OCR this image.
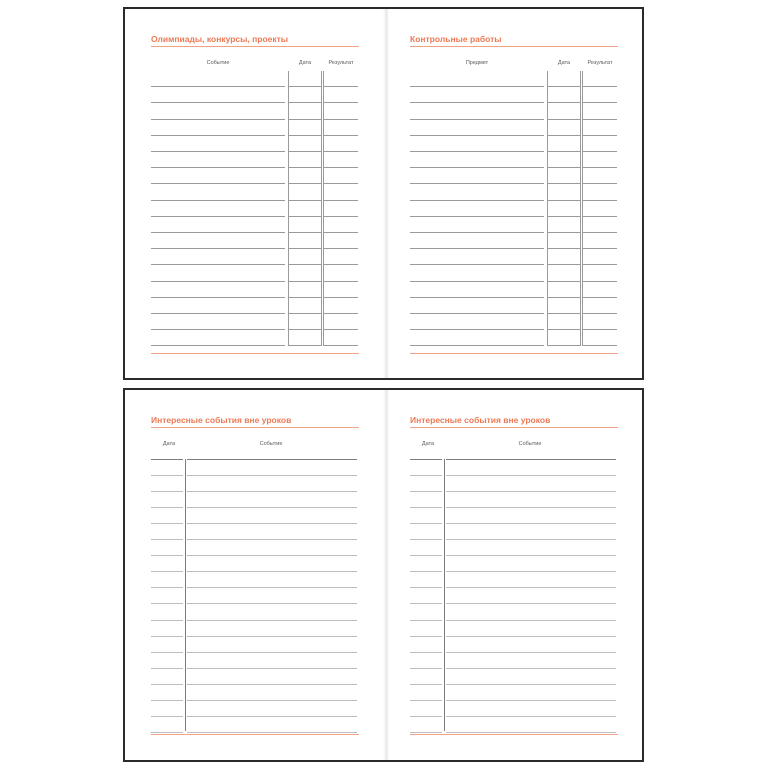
Олимпиады, конкурсы, проекты
Событие	Дата	Результат
Контрольные работы
Предмет	Дата	Результат
Интересные события вне уроков
Дата	Событие
Интересные события вне уроков
Дата	Событие
